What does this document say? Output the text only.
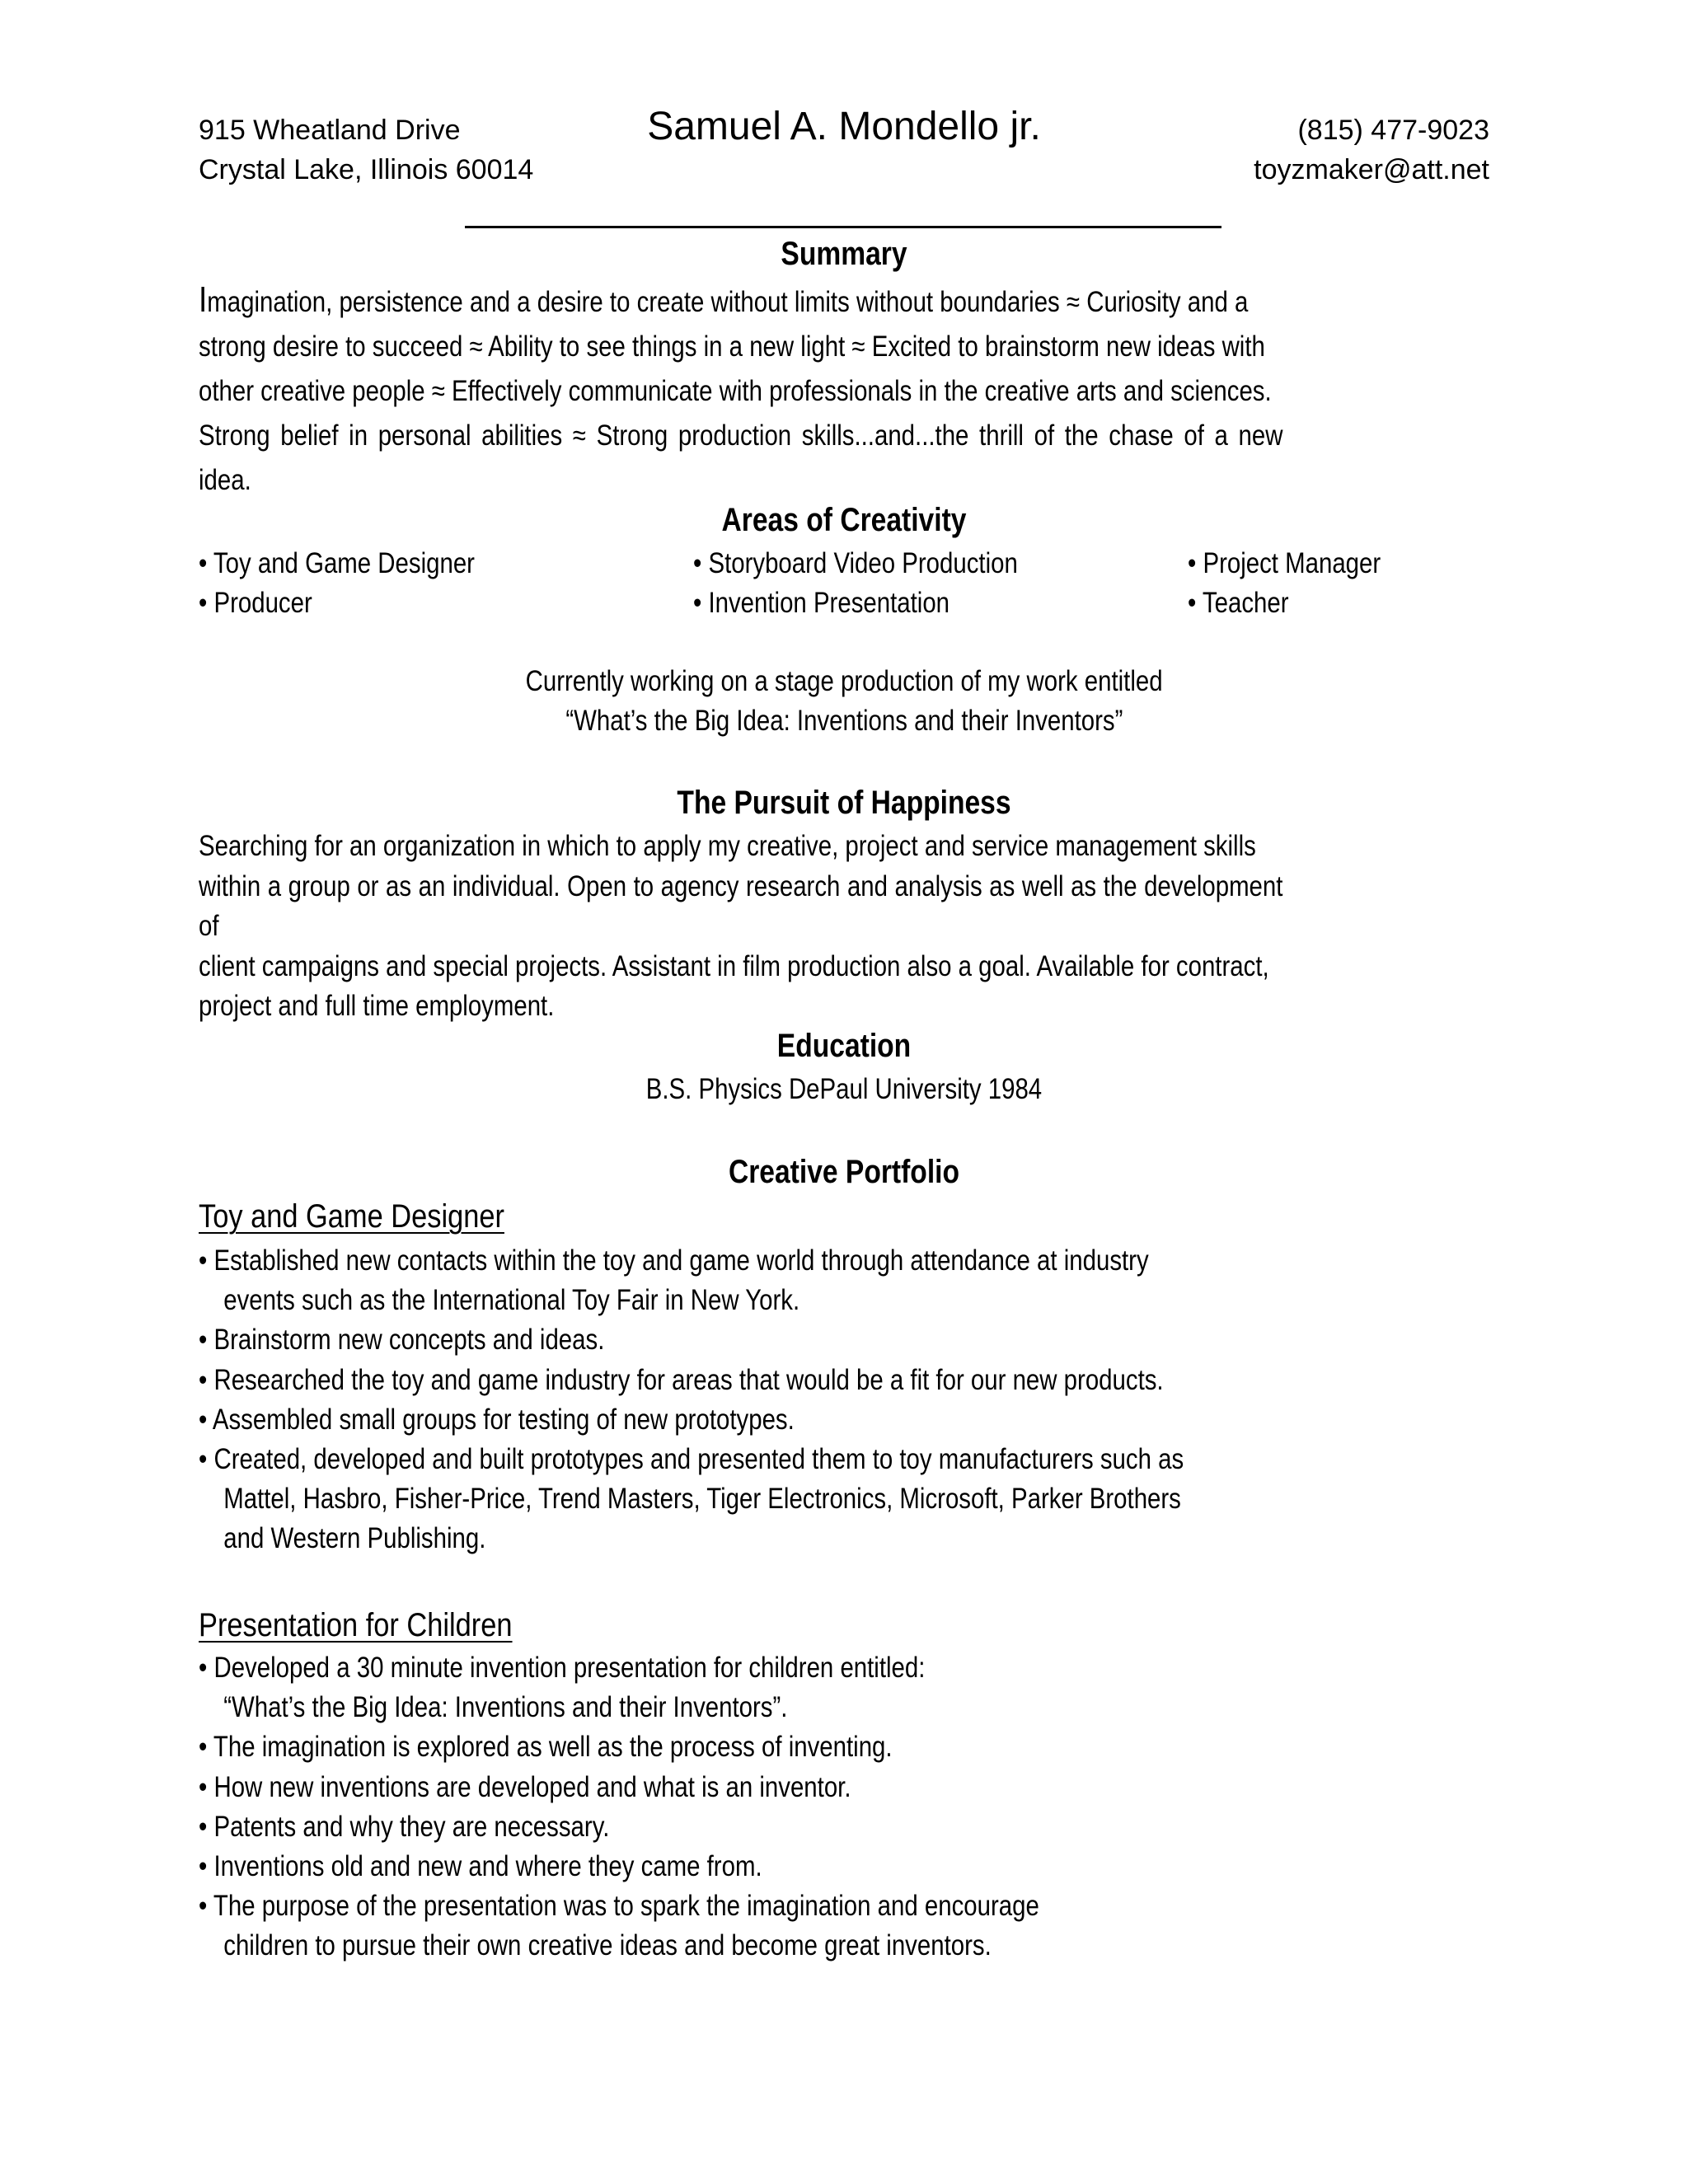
915 Wheatland Drive
Crystal Lake, Illinois 60014
Samuel A. Mondello jr.	(815) 477-9023
toyzmaker@att.net
Summary
Imagination, persistence and a desire to create without limits without boundaries ≈ Curiosity and a
strong desire to succeed ≈ Ability to see things in a new light ≈ Excited to brainstorm new ideas with
other creative people ≈ Effectively communicate with professionals in the creative arts and sciences.
Strong belief in personal abilities ≈ Strong production skills...and...the thrill of the chase of a new idea.
Areas of Creativity
• Toy and Game Designer
• Producer
• Storyboard Video Production
• Invention Presentation
• Project Manager
• Teacher
Currently working on a stage production of my work entitled
“What’s the Big Idea: Inventions and their Inventors”
The Pursuit of Happiness
Searching for an organization in which to apply my creative, project and service management skills
within a group or as an individual. Open to agency research and analysis as well as the development of
client campaigns and special projects. Assistant in film production also a goal. Available for contract,
project and full time employment.
Education
B.S. Physics DePaul University 1984
Creative Portfolio
Toy and Game Designer
• Established new contacts within the toy and game world through attendance at industry
events such as the International Toy Fair in New York.
• Brainstorm new concepts and ideas.
• Researched the toy and game industry for areas that would be a fit for our new products.
• Assembled small groups for testing of new prototypes.
• Created, developed and built prototypes and presented them to toy manufacturers such as
Mattel, Hasbro, Fisher-Price, Trend Masters, Tiger Electronics, Microsoft, Parker Brothers
and Western Publishing.
Presentation for Children
• Developed a 30 minute invention presentation for children entitled:
“What’s the Big Idea: Inventions and their Inventors”.
• The imagination is explored as well as the process of inventing.
• How new inventions are developed and what is an inventor.
• Patents and why they are necessary.
• Inventions old and new and where they came from.
• The purpose of the presentation was to spark the imagination and encourage
children to pursue their own creative ideas and become great inventors.
